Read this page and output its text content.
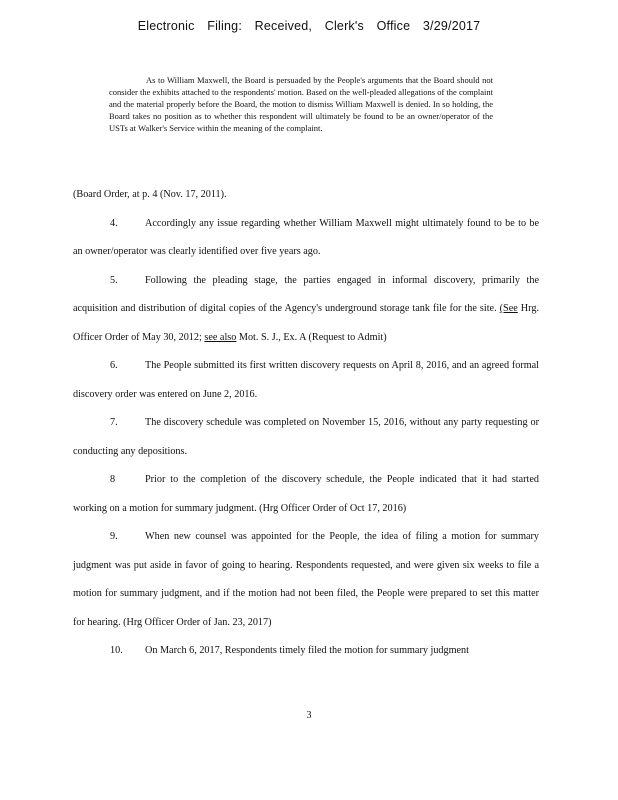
Electronic Filing: Received, Clerk's Office 3/29/2017
As to William Maxwell, the Board is persuaded by the People's arguments that the Board should not consider the exhibits attached to the respondents' motion. Based on the well-pleaded allegations of the complaint and the material properly before the Board, the motion to dismiss William Maxwell is denied. In so holding, the Board takes no position as to whether this respondent will ultimately be found to be an owner/operator of the USTs at Walker's Service within the meaning of the complaint.

(Board Order, at p. 4 (Nov. 17, 2011).

4.	Accordingly any issue regarding whether William Maxwell might ultimately found to be to be an owner/operator was clearly identified over five years ago.

5.	Following the pleading stage, the parties engaged in informal discovery, primarily the acquisition and distribution of digital copies of the Agency's underground storage tank file for the site. (See Hrg. Officer Order of May 30, 2012; see also Mot. S. J., Ex. A (Request to Admit)

6.	The People submitted its first written discovery requests on April 8, 2016, and an agreed formal discovery order was entered on June 2, 2016.

7.	The discovery schedule was completed on November 15, 2016, without any party requesting or conducting any depositions.

8	Prior to the completion of the discovery schedule, the People indicated that it had started working on a motion for summary judgment. (Hrg Officer Order of Oct 17, 2016)

9.	When new counsel was appointed for the People, the idea of filing a motion for summary judgment was put aside in favor of going to hearing. Respondents requested, and were given six weeks to file a motion for summary judgment, and if the motion had not been filed, the People were prepared to set this matter for hearing. (Hrg Officer Order of Jan. 23, 2017)

10. On March 6, 2017, Respondents timely filed the motion for summary judgment

3
